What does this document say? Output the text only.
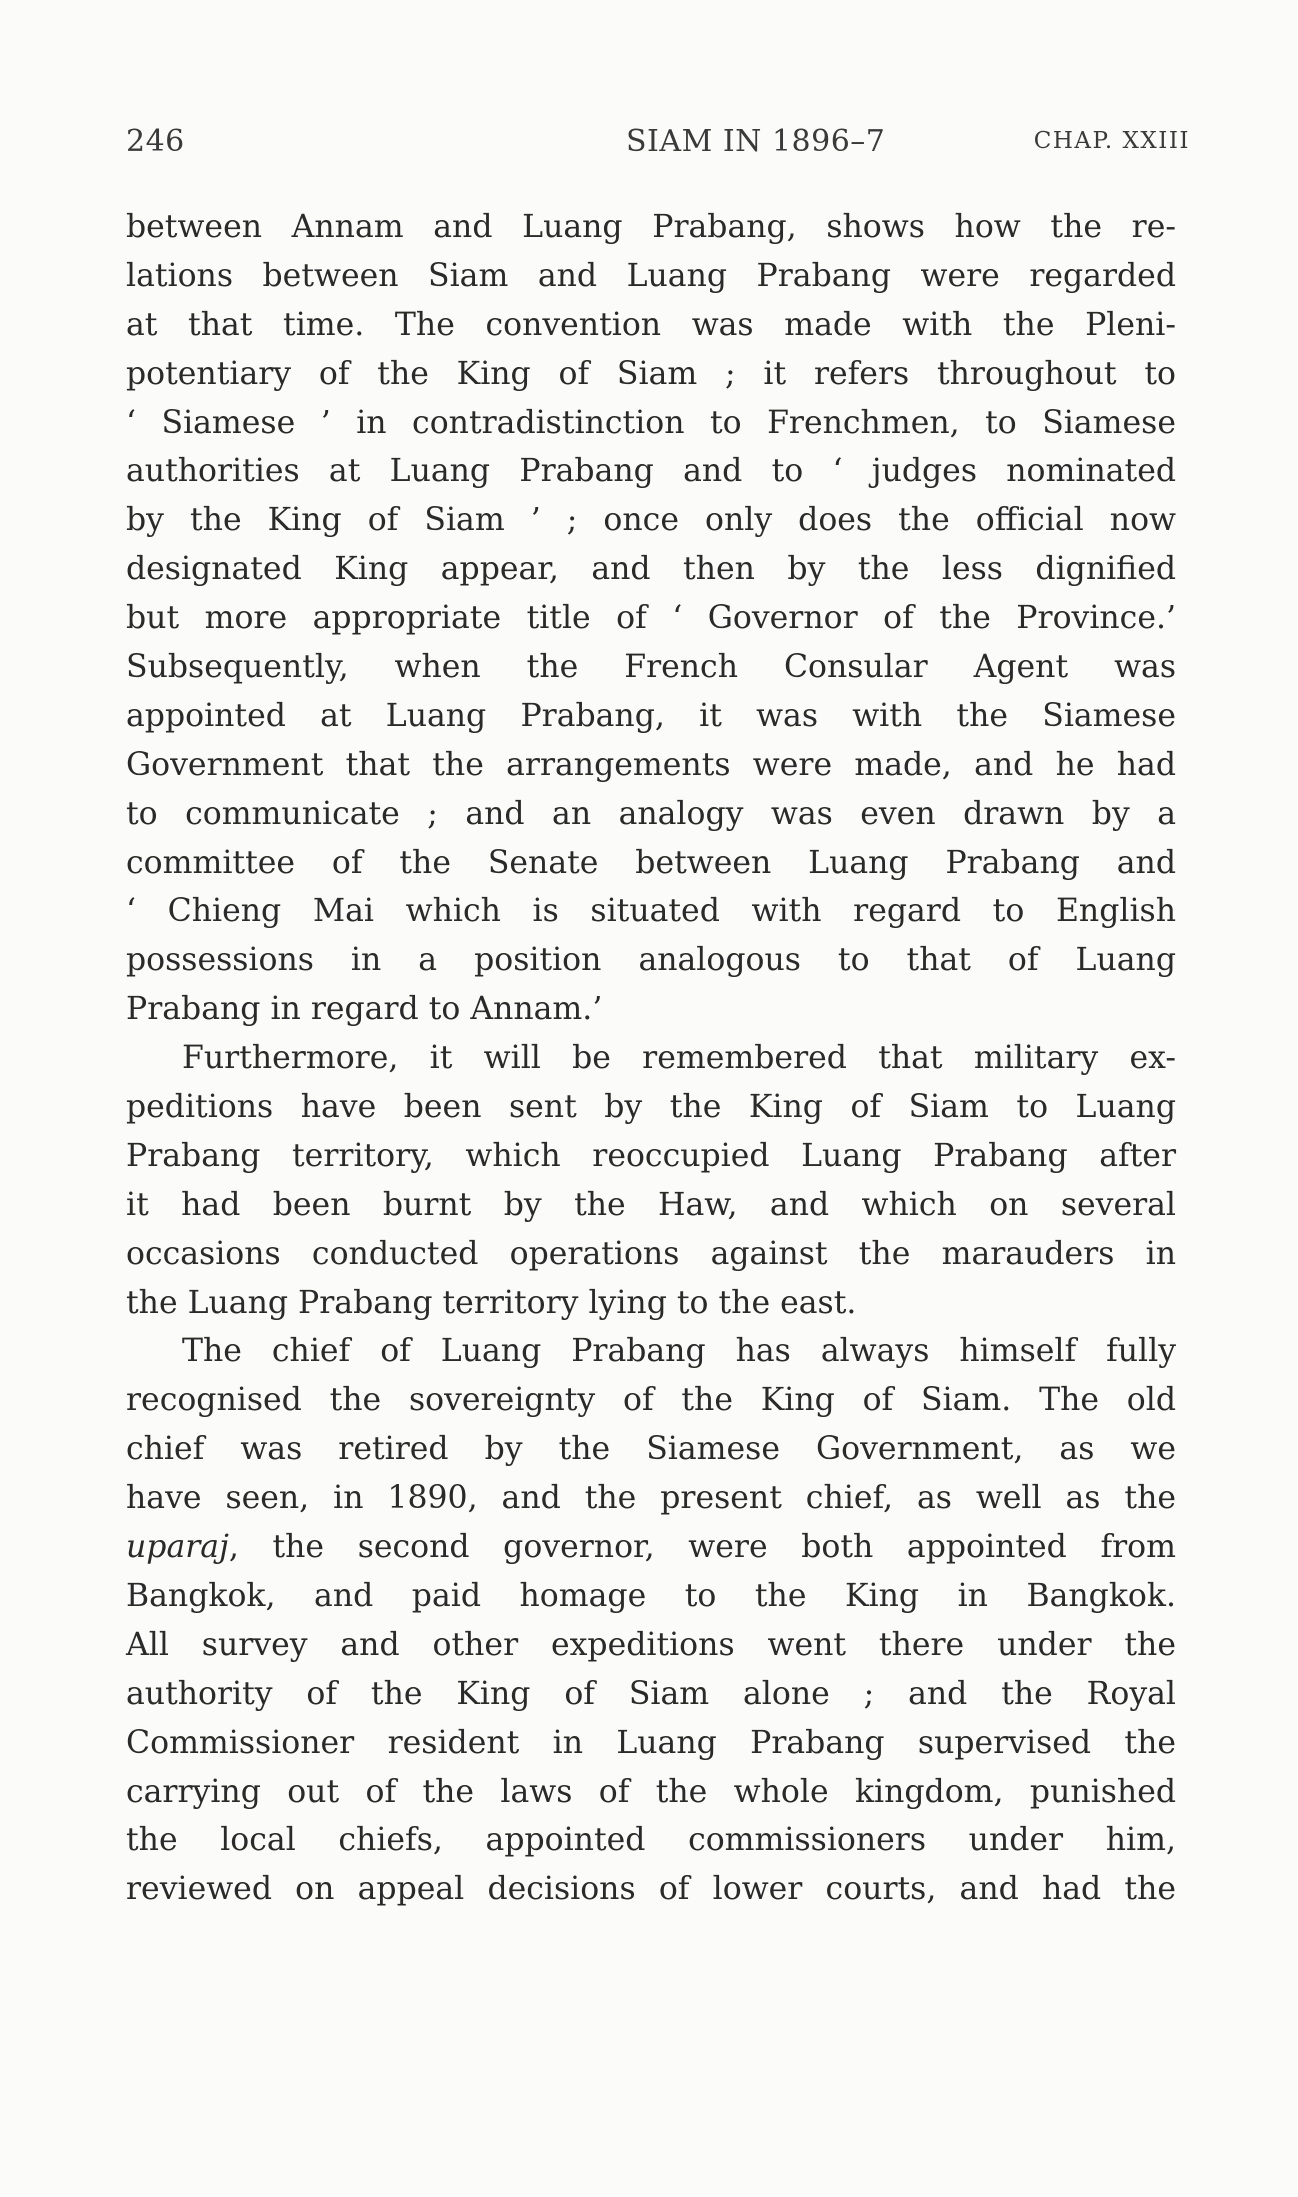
246	SIAM IN 1896–7	CHAP. XXIII
between Annam and Luang Prabang, shows how the re-
lations between Siam and Luang Prabang were regarded
at that time. The convention was made with the Pleni-
potentiary of the King of Siam ; it refers throughout to
‘ Siamese ’ in contradistinction to Frenchmen, to Siamese
authorities at Luang Prabang and to ‘ judges nominated
by the King of Siam ’ ; once only does the official now
designated King appear, and then by the less dignified
but more appropriate title of ‘ Governor of the Province.’
Subsequently, when the French Consular Agent was
appointed at Luang Prabang, it was with the Siamese
Government that the arrangements were made, and he had
to communicate ; and an analogy was even drawn by a
committee of the Senate between Luang Prabang and
‘ Chieng Mai which is situated with regard to English
possessions in a position analogous to that of Luang
Prabang in regard to Annam.’
Furthermore, it will be remembered that military ex-
peditions have been sent by the King of Siam to Luang
Prabang territory, which reoccupied Luang Prabang after
it had been burnt by the Haw, and which on several
occasions conducted operations against the marauders in
the Luang Prabang territory lying to the east.
The chief of Luang Prabang has always himself fully
recognised the sovereignty of the King of Siam. The old
chief was retired by the Siamese Government, as we
have seen, in 1890, and the present chief, as well as the
uparaj , the second governor, were both appointed from
Bangkok, and paid homage to the King in Bangkok.
All survey and other expeditions went there under the
authority of the King of Siam alone ; and the Royal
Commissioner resident in Luang Prabang supervised the
carrying out of the laws of the whole kingdom, punished
the local chiefs, appointed commissioners under him,
reviewed on appeal decisions of lower courts, and had the
